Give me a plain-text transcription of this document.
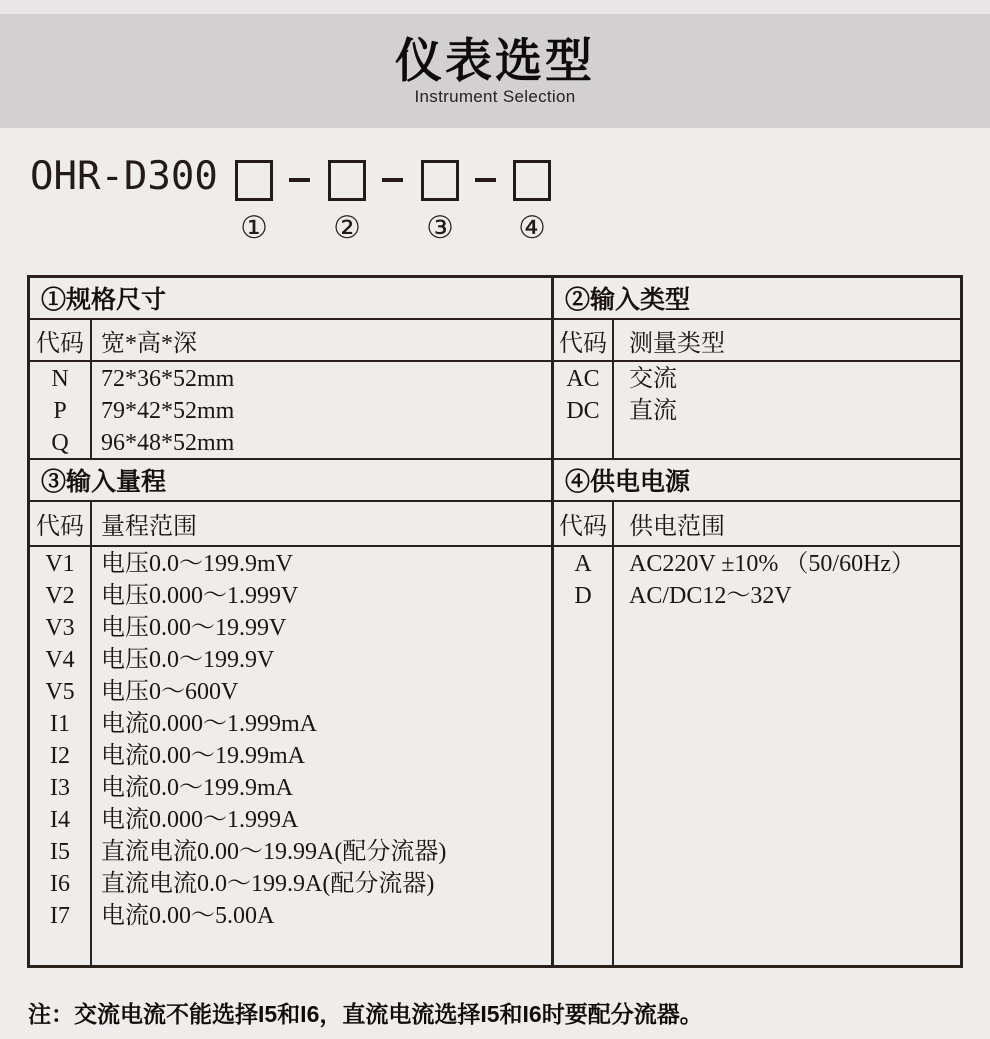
仪表选型
Instrument Selection
OHR-D300
① ② ③ ④
①规格尺寸
代码 宽*高*深
N
P
Q
72*36*52mm
79*42*52mm
96*48*52mm
③输入量程
代码 量程范围
V1
V2
V3
V4
V5
I1
I2
I3
I4
I5
I6
I7
电压0.0～199.9mV
电压0.000～1.999V
电压0.00～19.99V
电压0.0～199.9V
电压0～600V
电流0.000～1.999mA
电流0.00～19.99mA
电流0.0～199.9mA
电流0.000～1.999A
直流电流0.00～19.99A(配分流器)
直流电流0.0～199.9A(配分流器)
电流0.00～5.00A
②输入类型
代码 测量类型
AC
DC
交流
直流
④供电电源
代码 供电范围
A
D
AC220V ±10% （50/60Hz）
AC/DC12～32V
注：交流电流不能选择I5和I6，直流电流选择I5和I6时要配分流器。
